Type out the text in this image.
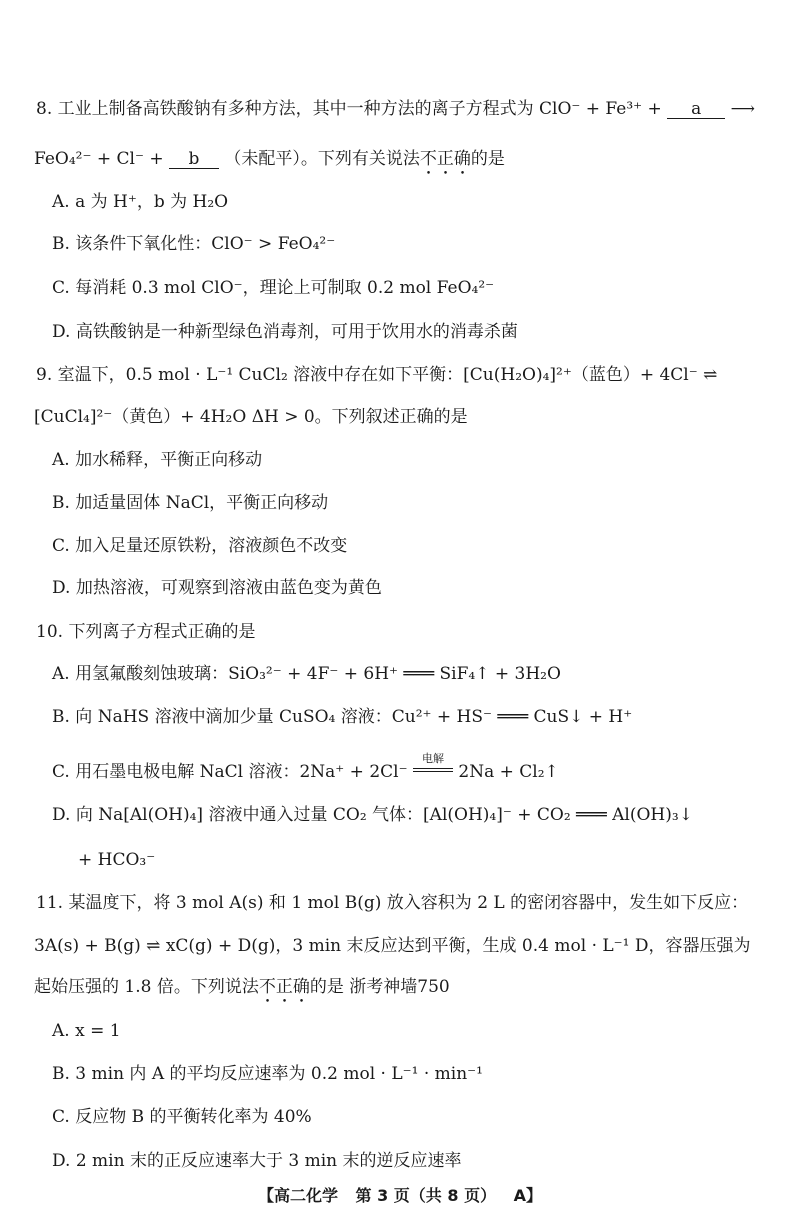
8. 工业上制备高铁酸钠有多种方法，其中一种方法的离子方程式为 ClO⁻ + Fe³⁺ + a ⟶
FeO₄²⁻ + Cl⁻ + b （未配平）。下列有关说法不正确的是
A. a 为 H⁺，b 为 H₂O
B. 该条件下氧化性：ClO⁻ > FeO₄²⁻
C. 每消耗 0.3 mol ClO⁻，理论上可制取 0.2 mol FeO₄²⁻
D. 高铁酸钠是一种新型绿色消毒剂，可用于饮用水的消毒杀菌
9. 室温下，0.5 mol · L⁻¹ CuCl₂ 溶液中存在如下平衡：[Cu(H₂O)₄]²⁺（蓝色）+ 4Cl⁻ ⇌
[CuCl₄]²⁻（黄色）+ 4H₂O ΔH > 0。下列叙述正确的是
A. 加水稀释，平衡正向移动
B. 加适量固体 NaCl，平衡正向移动
C. 加入足量还原铁粉，溶液颜色不改变
D. 加热溶液，可观察到溶液由蓝色变为黄色
10. 下列离子方程式正确的是
A. 用氢氟酸刻蚀玻璃：SiO₃²⁻ + 4F⁻ + 6H⁺ ═══ SiF₄↑ + 3H₂O
B. 向 NaHS 溶液中滴加少量 CuSO₄ 溶液：Cu²⁺ + HS⁻ ═══ CuS↓ + H⁺
C. 用石墨电极电解 NaCl 溶液：2Na⁺ + 2Cl⁻
电解
2Na + Cl₂↑
D. 向 Na[Al(OH)₄] 溶液中通入过量 CO₂ 气体：[Al(OH)₄]⁻ + CO₂ ═══ Al(OH)₃↓
+ HCO₃⁻
11. 某温度下，将 3 mol A(s) 和 1 mol B(g) 放入容积为 2 L 的密闭容器中，发生如下反应：
3A(s) + B(g) ⇌ xC(g) + D(g)，3 min 末反应达到平衡，生成 0.4 mol · L⁻¹ D，容器压强为
起始压强的 1.8 倍。下列说法不正确的是 浙考神墙750
A. x = 1
B. 3 min 内 A 的平均反应速率为 0.2 mol · L⁻¹ · min⁻¹
C. 反应物 B 的平衡转化率为 40%
D. 2 min 末的正反应速率大于 3 min 末的逆反应速率
【高二化学 第 3 页（共 8 页） A】
